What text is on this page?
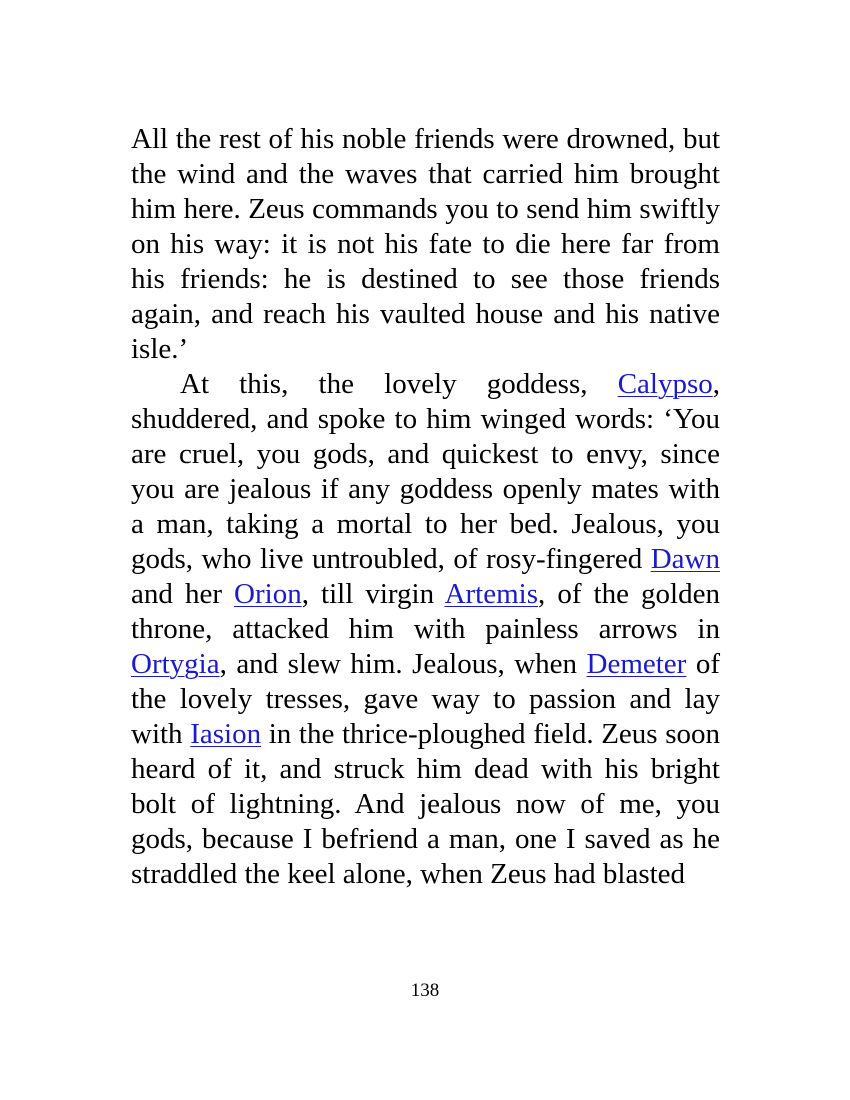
All the rest of his noble friends were drowned, but the wind and the waves that carried him brought him here. Zeus commands you to send him swiftly on his way: it is not his fate to die here far from his friends: he is destined to see those friends again, and reach his vaulted house and his native isle.’

At this, the lovely goddess, Calypso, shuddered, and spoke to him winged words: ‘You are cruel, you gods, and quickest to envy, since you are jealous if any goddess openly mates with a man, taking a mortal to her bed. Jealous, you gods, who live untroubled, of rosy-fingered Dawn and her Orion, till virgin Artemis, of the golden throne, attacked him with painless arrows in Ortygia, and slew him. Jealous, when Demeter of the lovely tresses, gave way to passion and lay with Iasion in the thrice-ploughed field. Zeus soon heard of it, and struck him dead with his bright bolt of lightning. And jealous now of me, you gods, because I befriend a man, one I saved as he straddled the keel alone, when Zeus had blasted

138
